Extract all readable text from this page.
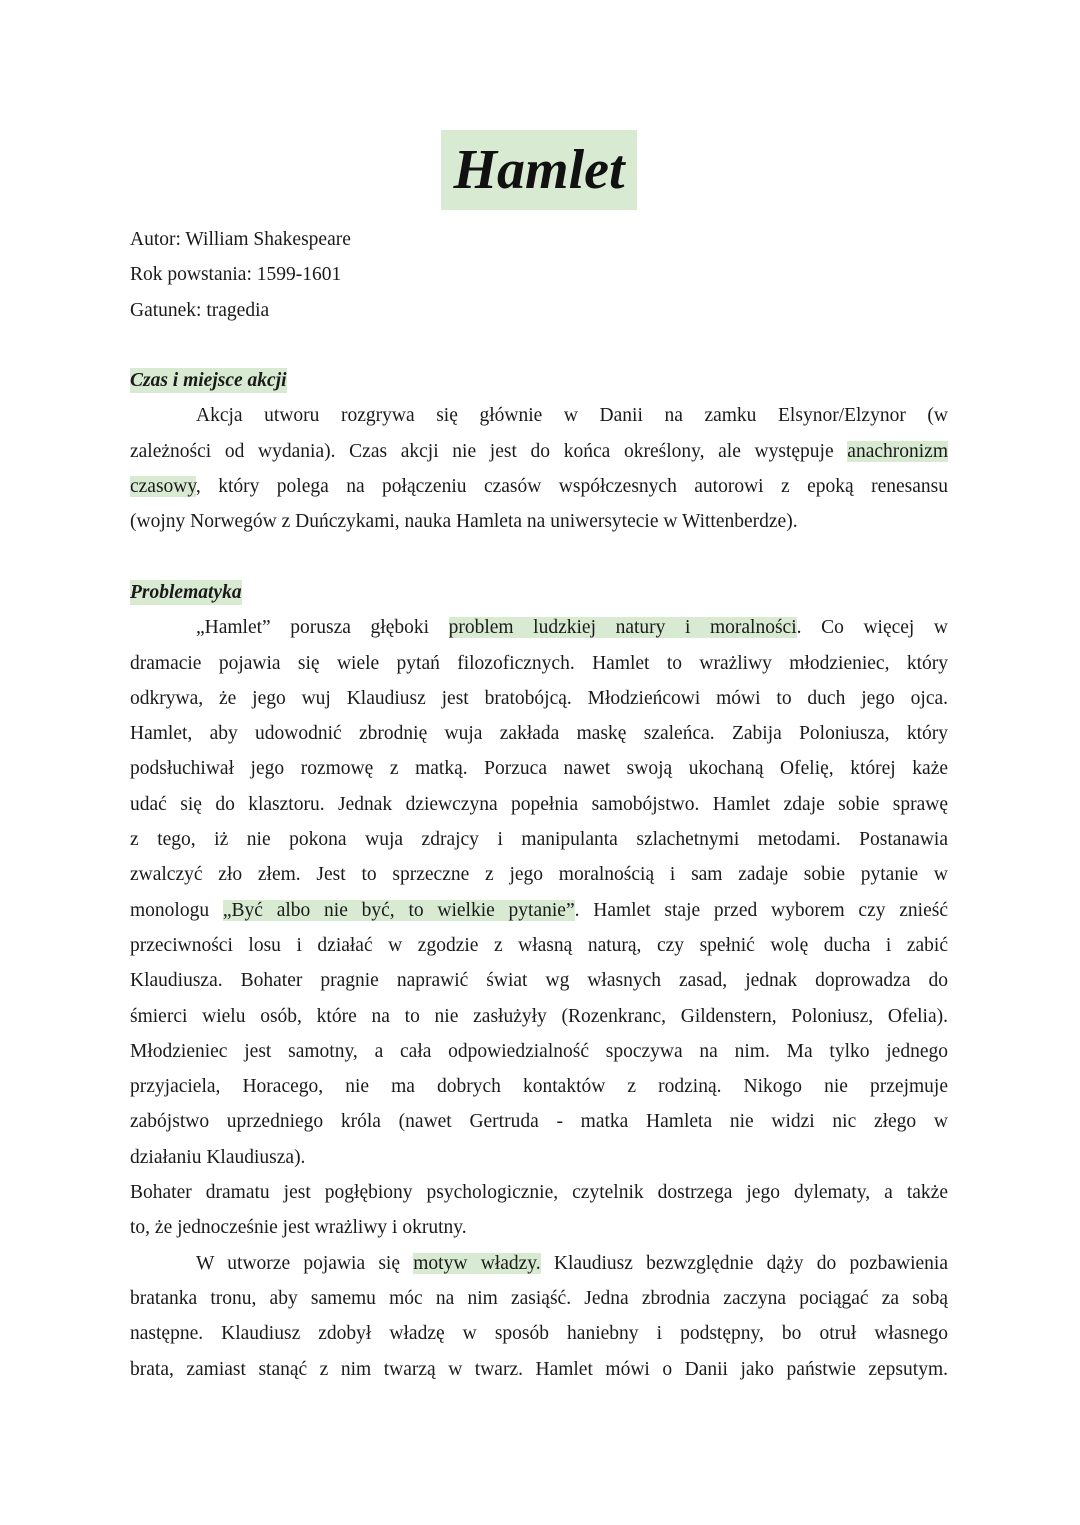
Hamlet
Autor: William Shakespeare
Rok powstania: 1599-1601
Gatunek: tragedia
Czas i miejsce akcji
Akcja utworu rozgrywa się głównie w Danii na zamku Elsynor/Elzynor (w
zależności od wydania). Czas akcji nie jest do końca określony, ale występuje anachronizm
czasowy, który polega na połączeniu czasów współczesnych autorowi z epoką renesansu
(wojny Norwegów z Duńczykami, nauka Hamleta na uniwersytecie w Wittenberdze).
Problematyka
„Hamlet” porusza głęboki problem ludzkiej natury i moralności. Co więcej w
dramacie pojawia się wiele pytań filozoficznych. Hamlet to wrażliwy młodzieniec, który
odkrywa, że jego wuj Klaudiusz jest bratobójcą. Młodzieńcowi mówi to duch jego ojca.
Hamlet, aby udowodnić zbrodnię wuja zakłada maskę szaleńca. Zabija Poloniusza, który
podsłuchiwał jego rozmowę z matką. Porzuca nawet swoją ukochaną Ofelię, której każe
udać się do klasztoru. Jednak dziewczyna popełnia samobójstwo. Hamlet zdaje sobie sprawę
z tego, iż nie pokona wuja zdrajcy i manipulanta szlachetnymi metodami. Postanawia
zwalczyć zło złem. Jest to sprzeczne z jego moralnością i sam zadaje sobie pytanie w
monologu „Być albo nie być, to wielkie pytanie”. Hamlet staje przed wyborem czy znieść
przeciwności losu i działać w zgodzie z własną naturą, czy spełnić wolę ducha i zabić
Klaudiusza. Bohater pragnie naprawić świat wg własnych zasad, jednak doprowadza do
śmierci wielu osób, które na to nie zasłużyły (Rozenkranc, Gildenstern, Poloniusz, Ofelia).
Młodzieniec jest samotny, a cała odpowiedzialność spoczywa na nim. Ma tylko jednego
przyjaciela, Horacego, nie ma dobrych kontaktów z rodziną. Nikogo nie przejmuje
zabójstwo uprzedniego króla (nawet Gertruda - matka Hamleta nie widzi nic złego w
działaniu Klaudiusza).
Bohater dramatu jest pogłębiony psychologicznie, czytelnik dostrzega jego dylematy, a także
to, że jednocześnie jest wrażliwy i okrutny.
W utworze pojawia się motyw władzy. Klaudiusz bezwzględnie dąży do pozbawienia
bratanka tronu, aby samemu móc na nim zasiąść. Jedna zbrodnia zaczyna pociągać za sobą
następne. Klaudiusz zdobył władzę w sposób haniebny i podstępny, bo otruł własnego
brata, zamiast stanąć z nim twarzą w twarz. Hamlet mówi o Danii jako państwie zepsutym.
